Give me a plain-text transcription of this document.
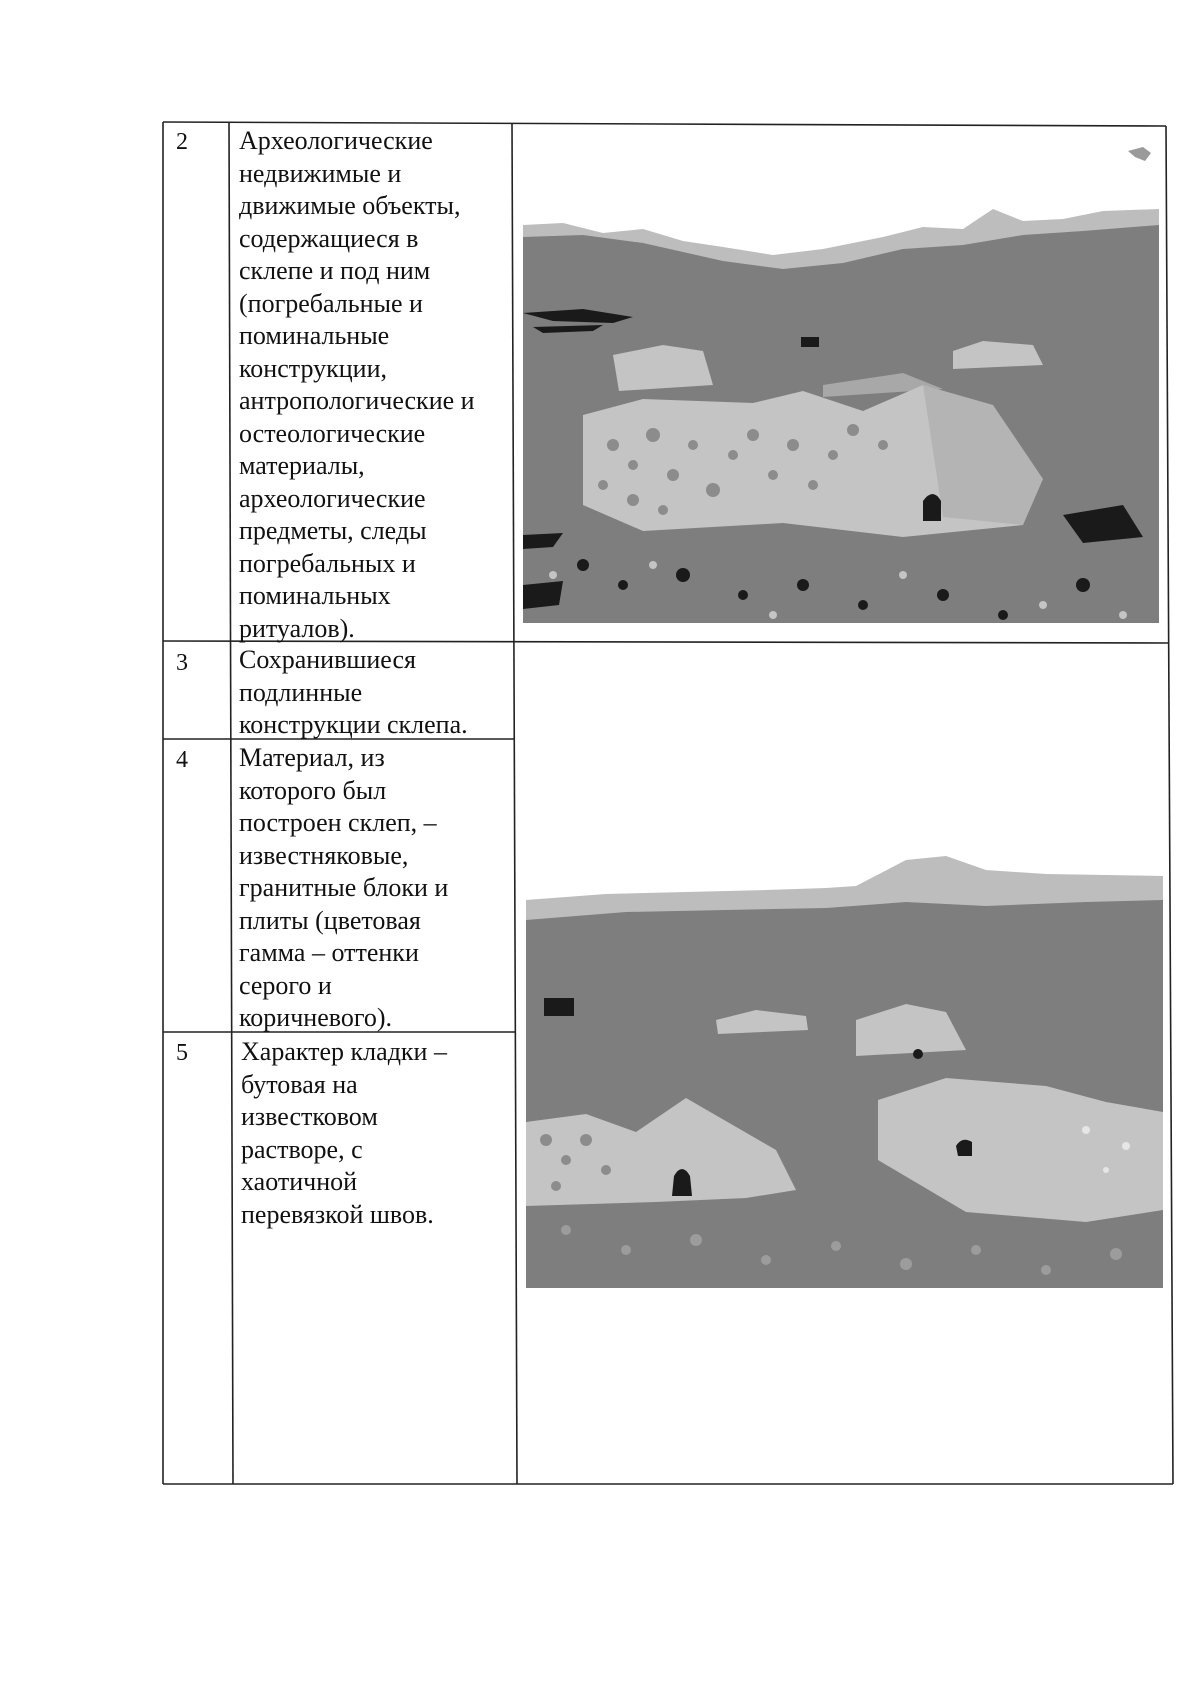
2 Археологические
недвижимые и
движимые объекты,
содержащиеся в
склепе и под ним
(погребальные и
поминальные
конструкции,
антропологические и
остеологические
материалы,
археологические
предметы, следы
погребальных и
поминальных
ритуалов).
3 Сохранившиеся
подлинные
конструкции склепа.
4 Материал, из
которого был
построен склеп, –
известняковые,
гранитные блоки и
плиты (цветовая
гамма – оттенки
серого и
коричневого).
5 Характер кладки –
бутовая на
известковом
растворе, с
хаотичной
перевязкой швов.
